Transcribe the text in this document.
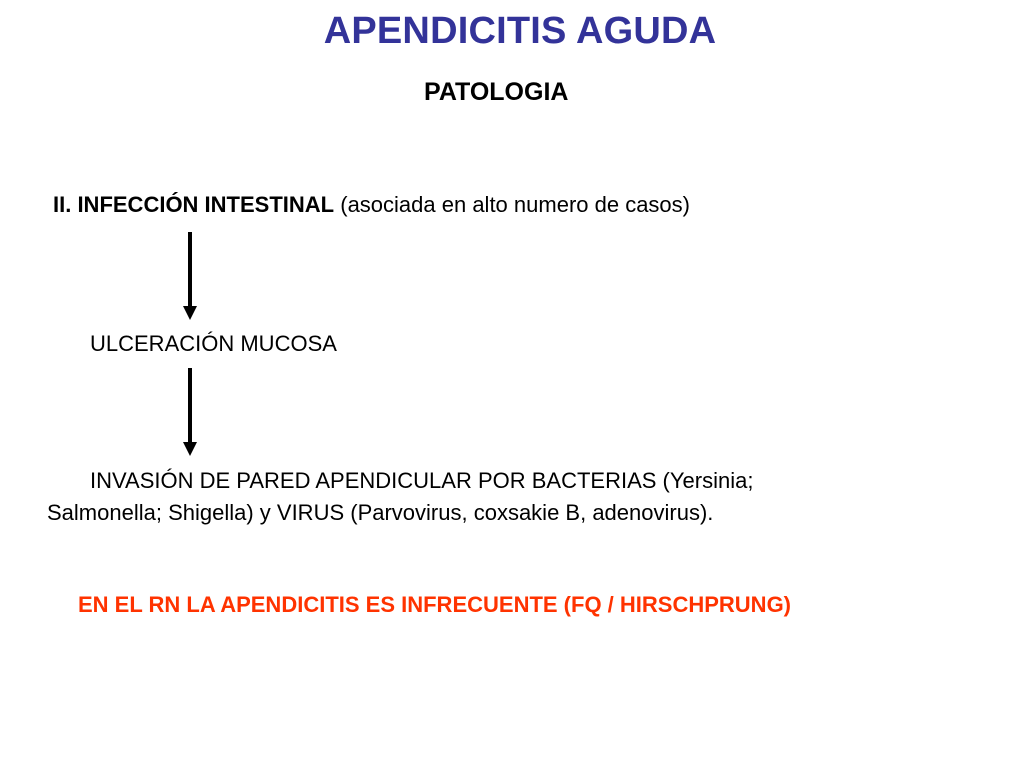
APENDICITIS AGUDA
PATOLOGIA
II. INFECCIÓN INTESTINAL (asociada en alto numero de casos)
ULCERACIÓN MUCOSA
INVASIÓN DE PARED APENDICULAR POR BACTERIAS (Yersinia;
Salmonella; Shigella) y VIRUS (Parvovirus, coxsakie B, adenovirus).
EN EL RN LA APENDICITIS ES INFRECUENTE (FQ / HIRSCHPRUNG)
